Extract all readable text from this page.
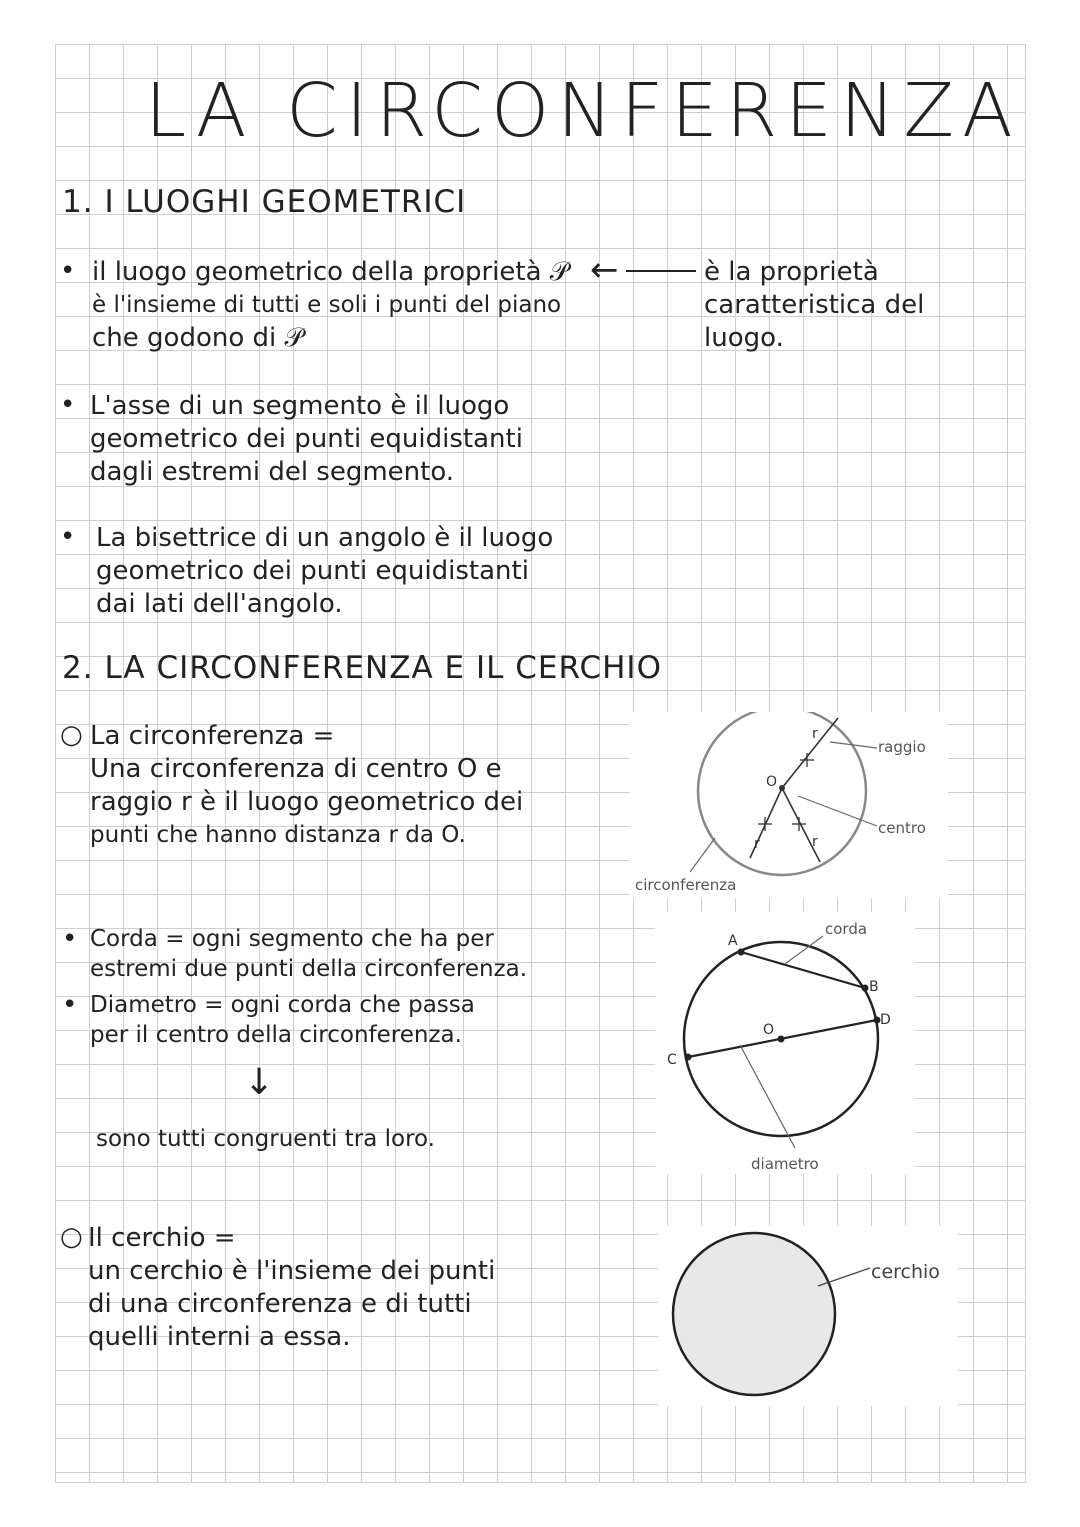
LA CIRCONFERENZA
1. I LUOGHI GEOMETRICI
• il luogo geometrico della proprietà 𝒫
è l'insieme di tutti e soli i punti del piano
che godono di 𝒫
←	è la proprietà
caratteristica del
luogo.
• L'asse di un segmento è il luogo
geometrico dei punti equidistanti
dagli estremi del segmento.
• La bisettrice di un angolo è il luogo
geometrico dei punti equidistanti
dai lati dell'angolo.
2. LA CIRCONFERENZA E IL CERCHIO
○ La circonferenza =
Una circonferenza di centro O e
raggio r è il luogo geometrico dei
punti che hanno distanza r da O.
• Corda = ogni segmento che ha per
estremi due punti della circonferenza.
• Diametro = ogni corda che passa
per il centro della circonferenza.
↓
sono tutti congruenti tra loro.
○ Il cerchio =
un cerchio è l'insieme dei punti
di una circonferenza e di tutti
quelli interni a essa.
O
r
r	r
raggio
centro
circonferenza
A
B
C
D
O
corda
diametro
cerchio
